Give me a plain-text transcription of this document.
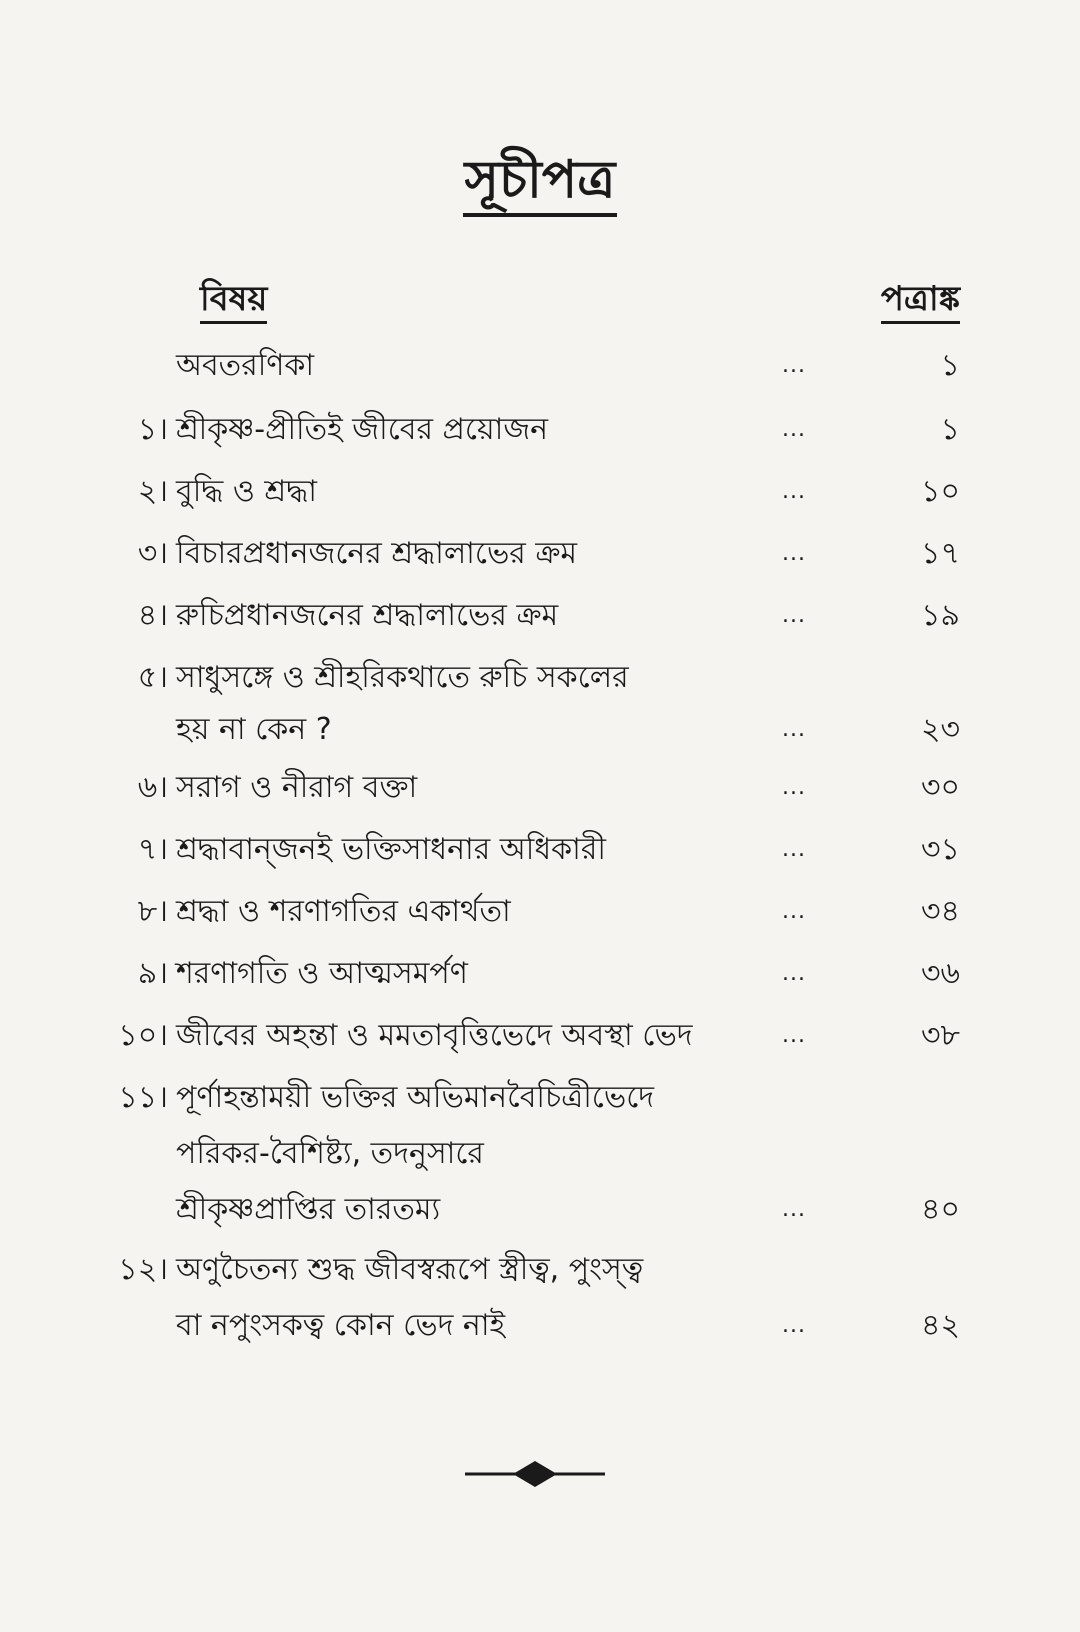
সূচীপত্র
বিষয়	পত্রাঙ্ক
অবতরণিকা	...	১
১। শ্রীকৃষ্ণ-প্রীতিই জীবের প্রয়োজন	...	১
২। বুদ্ধি ও শ্রদ্ধা	...	১০
৩। বিচারপ্রধানজনের শ্রদ্ধালাভের ক্রম	...	১৭
৪। রুচিপ্রধানজনের শ্রদ্ধালাভের ক্রম	...	১৯
৫। সাধুসঙ্গে ও শ্রীহরিকথাতে রুচি সকলের
হয় না কেন ?	...	২৩
৬। সরাগ ও নীরাগ বক্তা	...	৩০
৭। শ্রদ্ধাবান্‌জনই ভক্তিসাধনার অধিকারী	...	৩১
৮। শ্রদ্ধা ও শরণাগতির একার্থতা	...	৩৪
৯। শরণাগতি ও আত্মসমর্পণ	...	৩৬
১০। জীবের অহন্তা ও মমতাবৃত্তিভেদে অবস্থা ভেদ	...	৩৮
১১। পূর্ণাহন্তাময়ী ভক্তির অভিমানবৈচিত্রীভেদে
পরিকর-বৈশিষ্ট্য, তদনুসারে
শ্রীকৃষ্ণপ্রাপ্তির তারতম্য	...	৪০
১২। অণুচৈতন্য শুদ্ধ জীবস্বরূপে স্ত্রীত্ব, পুংস্ত্ব
বা নপুংসকত্ব কোন ভেদ নাই	...	৪২
